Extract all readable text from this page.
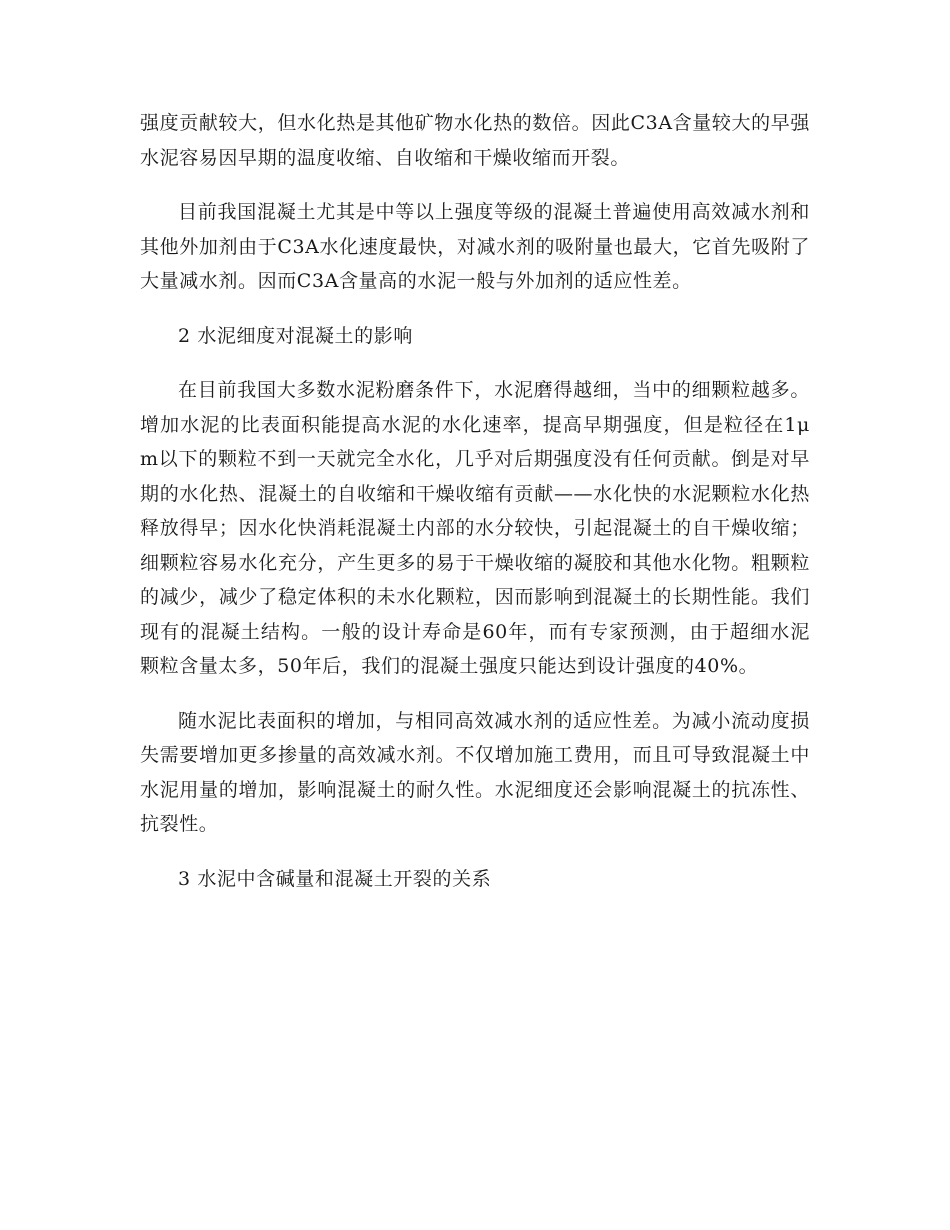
强度贡献较大，但水化热是其他矿物水化热的数倍。因此C3A含量较大的早强水泥容易因早期的温度收缩、自收缩和干燥收缩而开裂。

目前我国混凝土尤其是中等以上强度等级的混凝土普遍使用高效减水剂和其他外加剂由于C3A水化速度最快，对减水剂的吸附量也最大，它首先吸附了大量减水剂。因而C3A含量高的水泥一般与外加剂的适应性差。

2 水泥细度对混凝土的影响

在目前我国大多数水泥粉磨条件下，水泥磨得越细，当中的细颗粒越多。增加水泥的比表面积能提高水泥的水化速率，提高早期强度，但是粒径在1μm以下的颗粒不到一天就完全水化，几乎对后期强度没有任何贡献。倒是对早期的水化热、混凝土的自收缩和干燥收缩有贡献——水化快的水泥颗粒水化热释放得早；因水化快消耗混凝土内部的水分较快，引起混凝土的自干燥收缩；细颗粒容易水化充分，产生更多的易于干燥收缩的凝胶和其他水化物。粗颗粒的减少，减少了稳定体积的未水化颗粒，因而影响到混凝土的长期性能。我们现有的混凝土结构。一般的设计寿命是60年，而有专家预测，由于超细水泥颗粒含量太多，50年后，我们的混凝土强度只能达到设计强度的40%。

随水泥比表面积的增加，与相同高效减水剂的适应性差。为减小流动度损失需要增加更多掺量的高效减水剂。不仅增加施工费用，而且可导致混凝土中水泥用量的增加，影响混凝土的耐久性。水泥细度还会影响混凝土的抗冻性、抗裂性。

3 水泥中含碱量和混凝土开裂的关系
